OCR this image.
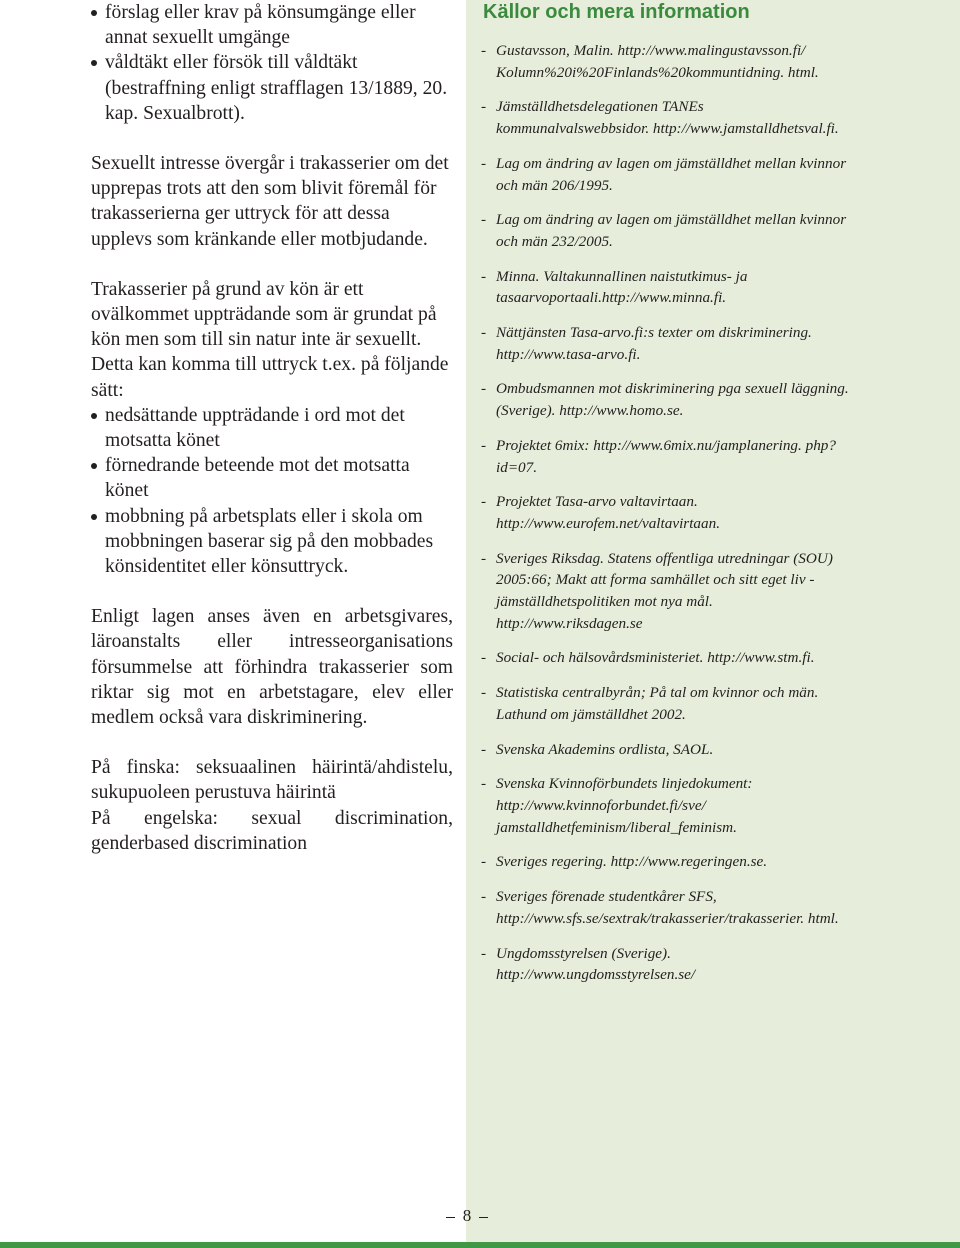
förslag eller krav på könsumgänge eller annat sexuellt umgänge
våldtäkt eller försök till våldtäkt (bestraffning enligt strafflagen 13/1889, 20. kap. Sexualbrott).

Sexuellt intresse övergår i trakasserier om det upprepas trots att den som blivit föremål för trakasserierna ger uttryck för att dessa upplevs som kränkande eller motbjudande.

Trakasserier på grund av kön är ett ovälkommet uppträdande som är grundat på kön men som till sin natur inte är sexuellt. Detta kan komma till uttryck t.ex. på följande sätt:

nedsättande uppträdande i ord mot det motsatta könet
förnedrande beteende mot det motsatta könet
mobbning på arbetsplats eller i skola om mobbningen baserar sig på den mobbades könsidentitet eller könsuttryck.

Enligt lagen anses även en arbetsgivares, läroanstalts eller intresseorganisations försummelse att förhindra trakasserier som riktar sig mot en arbetstagare, elev eller medlem också vara diskriminering.

På finska: seksuaalinen häirintä/ahdistelu, sukupuoleen perustuva häirintä

På engelska: sexual discrimination, genderbased discrimination

Källor och mera information
- Gustavsson, Malin. http://www.malingustavsson.fi/ Kolumn%20i%20Finlands%20kommuntidning. html.
- Jämställdhetsdelegationen TANEs kommunalvalswebbsidor. http://www.jamstalldhetsval.fi.
- Lag om ändring av lagen om jämställdhet mellan kvinnor och män 206/1995.
- Lag om ändring av lagen om jämställdhet mellan kvinnor och män 232/2005.
- Minna. Valtakunnallinen naistutkimus- ja tasaarvoportaali.http://www.minna.fi.
- Nättjänsten Tasa-arvo.fi:s texter om diskriminering. http://www.tasa-arvo.fi.
- Ombudsmannen mot diskriminering pga sexuell läggning. (Sverige). http://www.homo.se.
- Projektet 6mix: http://www.6mix.nu/jamplanering. php?id=07.
- Projektet Tasa-arvo valtavirtaan. http://www.eurofem.net/valtavirtaan.
- Sveriges Riksdag. Statens offentliga utredningar (SOU) 2005:66; Makt att forma samhället och sitt eget liv - jämställdhetspolitiken mot nya mål. http://www.riksdagen.se
- Social- och hälsovårdsministeriet. http://www.stm.fi.
- Statistiska centralbyrån; På tal om kvinnor och män. Lathund om jämställdhet 2002.
- Svenska Akademins ordlista, SAOL.
- Svenska Kvinnoförbundets linjedokument: http://www.kvinnoforbundet.fi/sve/ jamstalldhetfeminism/liberal_feminism.
- Sveriges regering. http://www.regeringen.se.
- Sveriges förenade studentkårer SFS, http://www.sfs.se/sextrak/trakasserier/trakasserier. html.
- Ungdomsstyrelsen (Sverige). http://www.ungdomsstyrelsen.se/
8
